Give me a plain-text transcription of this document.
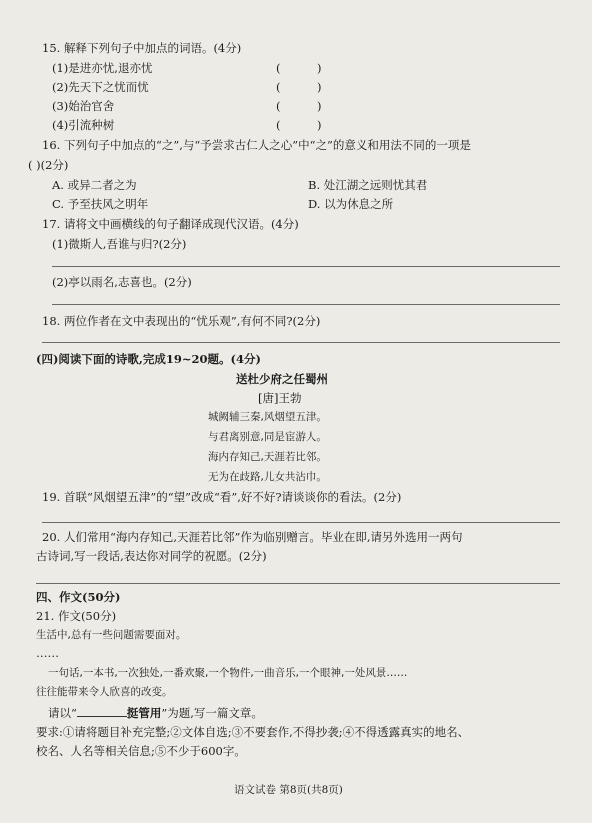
15. 解释下列句子中加点的词语。(4分)
(1)是进亦忧,退亦忧	(          )
(2)先天下之忧而忧	(          )
(3)始治官舍	(          )
(4)引流种树	(          )
16. 下列句子中加点的“之”,与“予尝求古仁人之心”中“之”的意义和用法不同的一项是
( )(2分)
A. 或异二者之为	B. 处江湖之远则忧其君
C. 予至扶风之明年	D. 以为休息之所
17. 请将文中画横线的句子翻译成现代汉语。(4分)
(1)微斯人,吾谁与归?(2分)
(2)亭以雨名,志喜也。(2分)
18. 两位作者在文中表现出的“忧乐观”,有何不同?(2分)
(四)阅读下面的诗歌,完成19~20题。(4分)
送杜少府之任蜀州
[唐]王勃
城阙辅三秦,风烟望五津。
与君离别意,同是宦游人。
海内存知己,天涯若比邻。
无为在歧路,儿女共沾巾。
19. 首联“风烟望五津”的“望”改成“看”,好不好?请谈谈你的看法。(2分)
20. 人们常用“海内存知己,天涯若比邻”作为临别赠言。毕业在即,请另外选用一两句
古诗词,写一段话,表达你对同学的祝愿。(2分)
四、作文(50分)
21. 作文(50分)
生活中,总有一些问题需要面对。
……
一句话,一本书,一次独处,一番欢聚,一个物件,一曲音乐,一个眼神,一处风景……
往往能带来令人欣喜的改变。
请以“	挺管用”为题,写一篇文章。
要求:①请将题目补充完整;②文体自选;③不要套作,不得抄袭;④不得透露真实的地名、
校名、人名等相关信息;⑤不少于600字。
语文试卷 第8页(共8页)
